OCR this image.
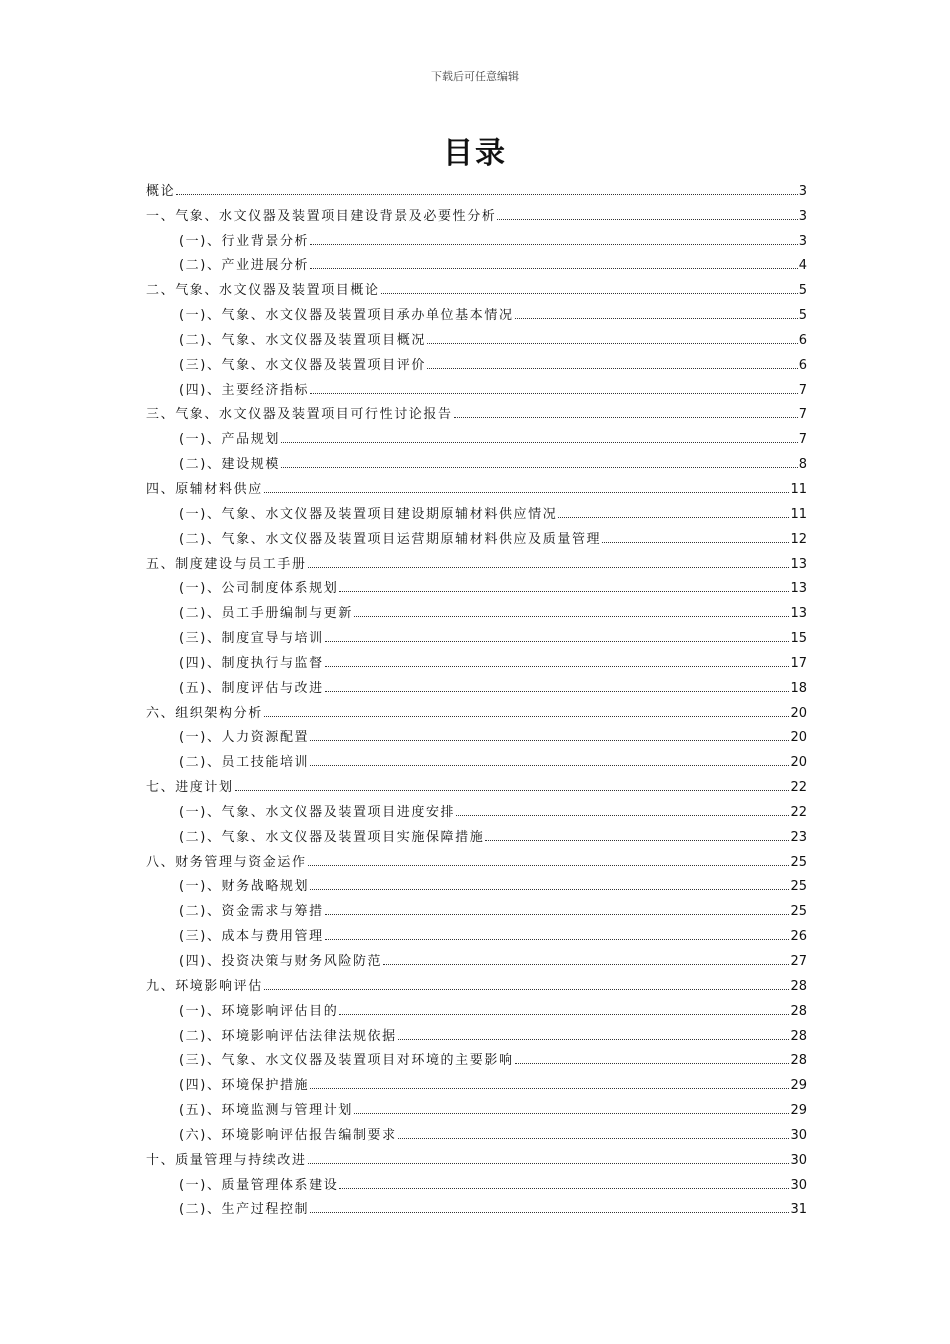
下载后可任意编辑
目录
概论	3
一、气象、水文仪器及装置项目建设背景及必要性分析	3
(一)、行业背景分析	3
(二)、产业进展分析	4
二、气象、水文仪器及装置项目概论	5
(一)、气象、水文仪器及装置项目承办单位基本情况	5
(二)、气象、水文仪器及装置项目概况	6
(三)、气象、水文仪器及装置项目评价	6
(四)、主要经济指标	7
三、气象、水文仪器及装置项目可行性讨论报告	7
(一)、产品规划	7
(二)、建设规模	8
四、原辅材料供应	11
(一)、气象、水文仪器及装置项目建设期原辅材料供应情况	11
(二)、气象、水文仪器及装置项目运营期原辅材料供应及质量管理	12
五、制度建设与员工手册	13
(一)、公司制度体系规划	13
(二)、员工手册编制与更新	13
(三)、制度宣导与培训	15
(四)、制度执行与监督	17
(五)、制度评估与改进	18
六、组织架构分析	20
(一)、人力资源配置	20
(二)、员工技能培训	20
七、进度计划	22
(一)、气象、水文仪器及装置项目进度安排	22
(二)、气象、水文仪器及装置项目实施保障措施	23
八、财务管理与资金运作	25
(一)、财务战略规划	25
(二)、资金需求与筹措	25
(三)、成本与费用管理	26
(四)、投资决策与财务风险防范	27
九、环境影响评估	28
(一)、环境影响评估目的	28
(二)、环境影响评估法律法规依据	28
(三)、气象、水文仪器及装置项目对环境的主要影响	28
(四)、环境保护措施	29
(五)、环境监测与管理计划	29
(六)、环境影响评估报告编制要求	30
十、质量管理与持续改进	30
(一)、质量管理体系建设	30
(二)、生产过程控制	31
